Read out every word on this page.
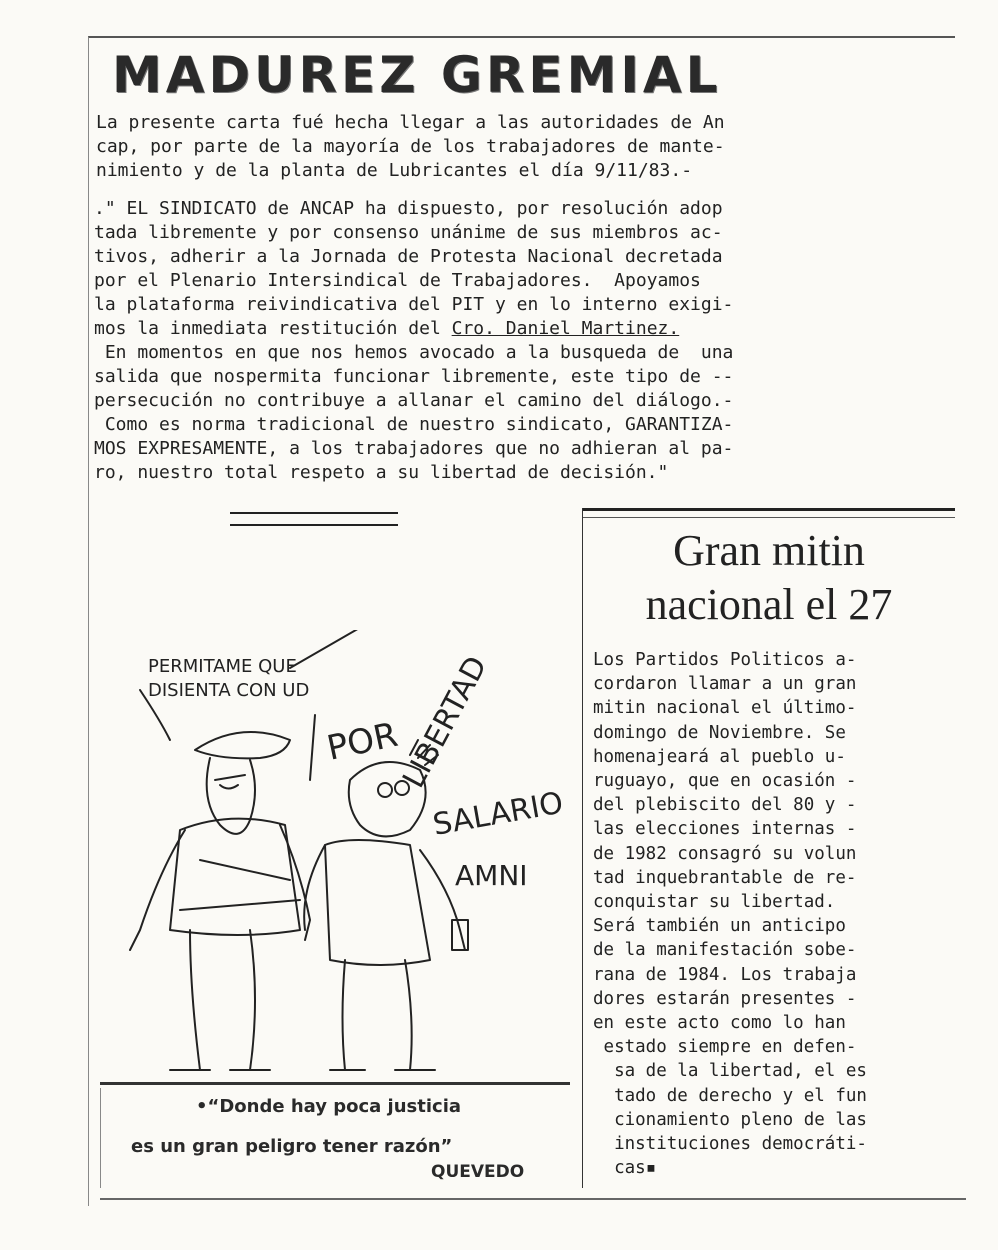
MADUREZ GREMIAL
La presente carta fué hecha llegar a las autoridades de An
cap, por parte de la mayoría de los trabajadores de mante-
nimiento y de la planta de Lubricantes el día 9/11/83.-
." EL SINDICATO de ANCAP ha dispuesto, por resolución adop
tada libremente y por consenso unánime de sus miembros ac-
tivos, adherir a la Jornada de Protesta Nacional decretada
por el Plenario Intersindical de Trabajadores.  Apoyamos
la plataforma reivindicativa del PIT y en lo interno exigi-
mos la inmediata restitución del Cro. Daniel Martinez.
En momentos en que nos hemos avocado a la busqueda de  una
salida que nospermita funcionar libremente, este tipo de --
persecución no contribuye a allanar el camino del diálogo.-
Como es norma tradicional de nuestro sindicato, GARANTIZA-
MOS EXPRESAMENTE, a los trabajadores que no adhieran al pa-
ro, nuestro total respeto a su libertad de decisión."
PERMITAME QUE
DISIENTA CON UD
POR
LIBERTAD
SALARIO
AMNI
•“Donde hay poca justicia
es un gran peligro tener razón”
QUEVEDO
Gran mitin
nacional el 27
Los Partidos Politicos a-
cordaron llamar a un gran
mitin nacional el último-
domingo de Noviembre. Se
homenajeará al pueblo u-
ruguayo, que en ocasión -
del plebiscito del 80 y -
las elecciones internas -
de 1982 consagró su volun
tad inquebrantable de re-
conquistar su libertad.
Será también un anticipo
de la manifestación sobe-
rana de 1984. Los trabaja
dores estarán presentes -
en este acto como lo han
estado siempre en defen-
sa de la libertad, el es
tado de derecho y el fun
cionamiento pleno de las
instituciones democráti-
cas▪
